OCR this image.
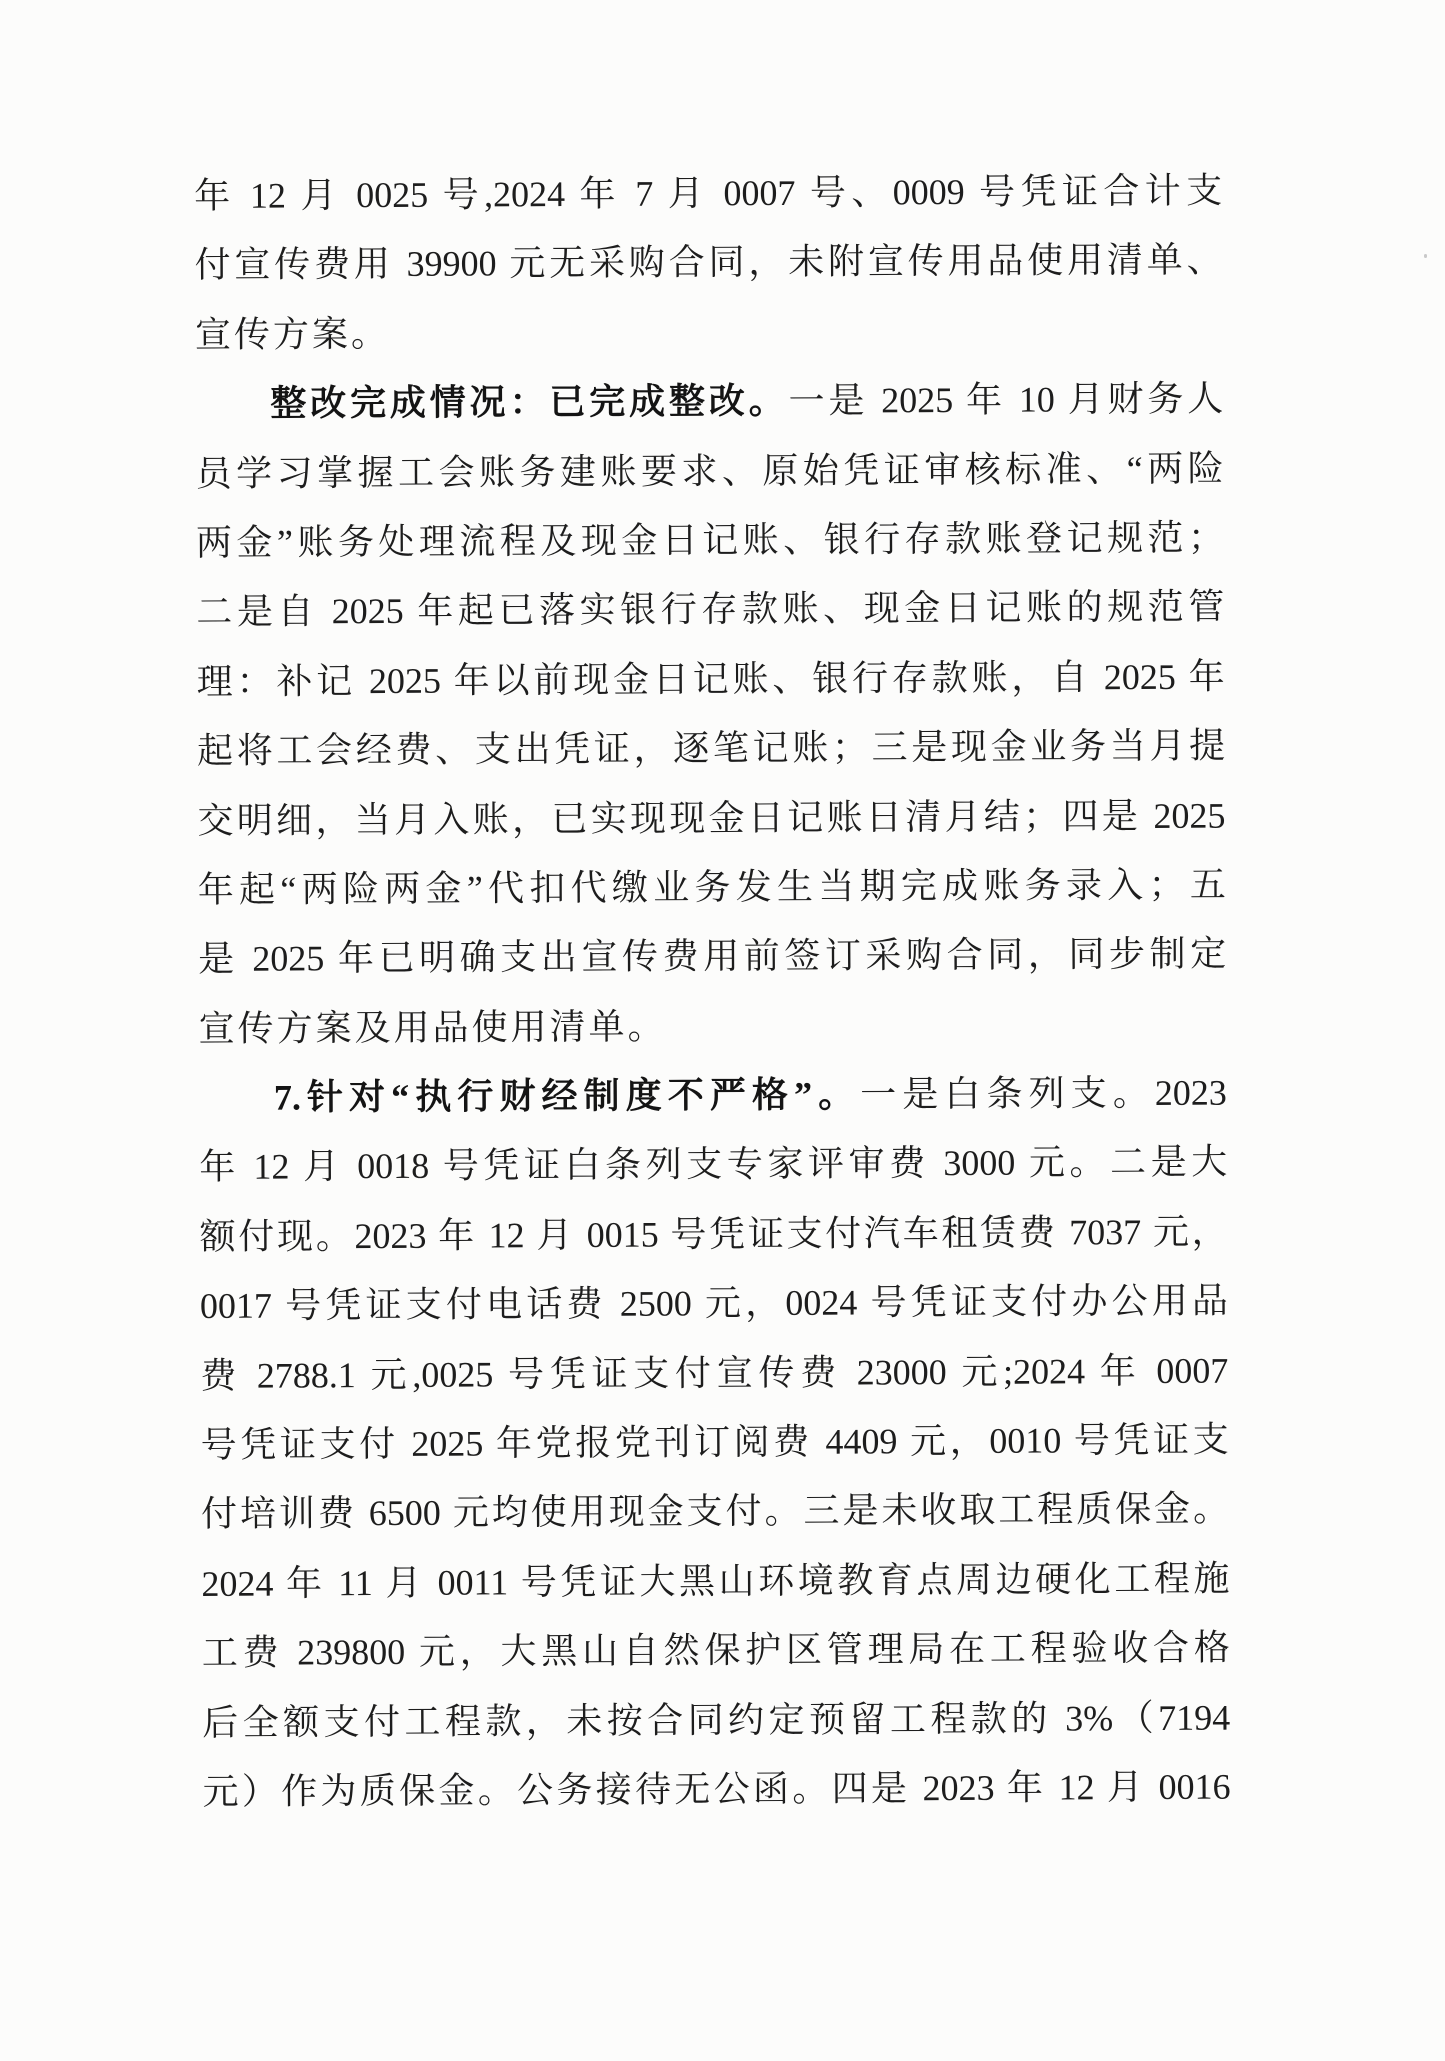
年 12 月 0025 号,2024 年 7 月 0007 号、0009 号凭证合计支
付宣传费用 39900 元无采购合同，未附宣传用品使用清单、
宣传方案。
整改完成情况：已完成整改。一是 2025 年 10 月财务人
员学习掌握工会账务建账要求、原始凭证审核标准、“两险
两金”账务处理流程及现金日记账、银行存款账登记规范；
二是自 2025 年起已落实银行存款账、现金日记账的规范管
理：补记 2025 年以前现金日记账、银行存款账，自 2025 年
起将工会经费、支出凭证，逐笔记账；三是现金业务当月提
交明细，当月入账，已实现现金日记账日清月结；四是 2025
年起“两险两金”代扣代缴业务发生当期完成账务录入；五
是 2025 年已明确支出宣传费用前签订采购合同，同步制定
宣传方案及用品使用清单。
7.针对“执行财经制度不严格”。一是白条列支。2023
年 12 月 0018 号凭证白条列支专家评审费 3000 元。二是大
额付现。2023 年 12 月 0015 号凭证支付汽车租赁费 7037 元，
0017 号凭证支付电话费 2500 元，0024 号凭证支付办公用品
费 2788.1 元,0025 号凭证支付宣传费 23000 元;2024 年 0007
号凭证支付 2025 年党报党刊订阅费 4409 元，0010 号凭证支
付培训费 6500 元均使用现金支付。三是未收取工程质保金。
2024 年 11 月 0011 号凭证大黑山环境教育点周边硬化工程施
工费 239800 元，大黑山自然保护区管理局在工程验收合格
后全额支付工程款，未按合同约定预留工程款的 3%（7194
元）作为质保金。公务接待无公函。四是 2023 年 12 月 0016
